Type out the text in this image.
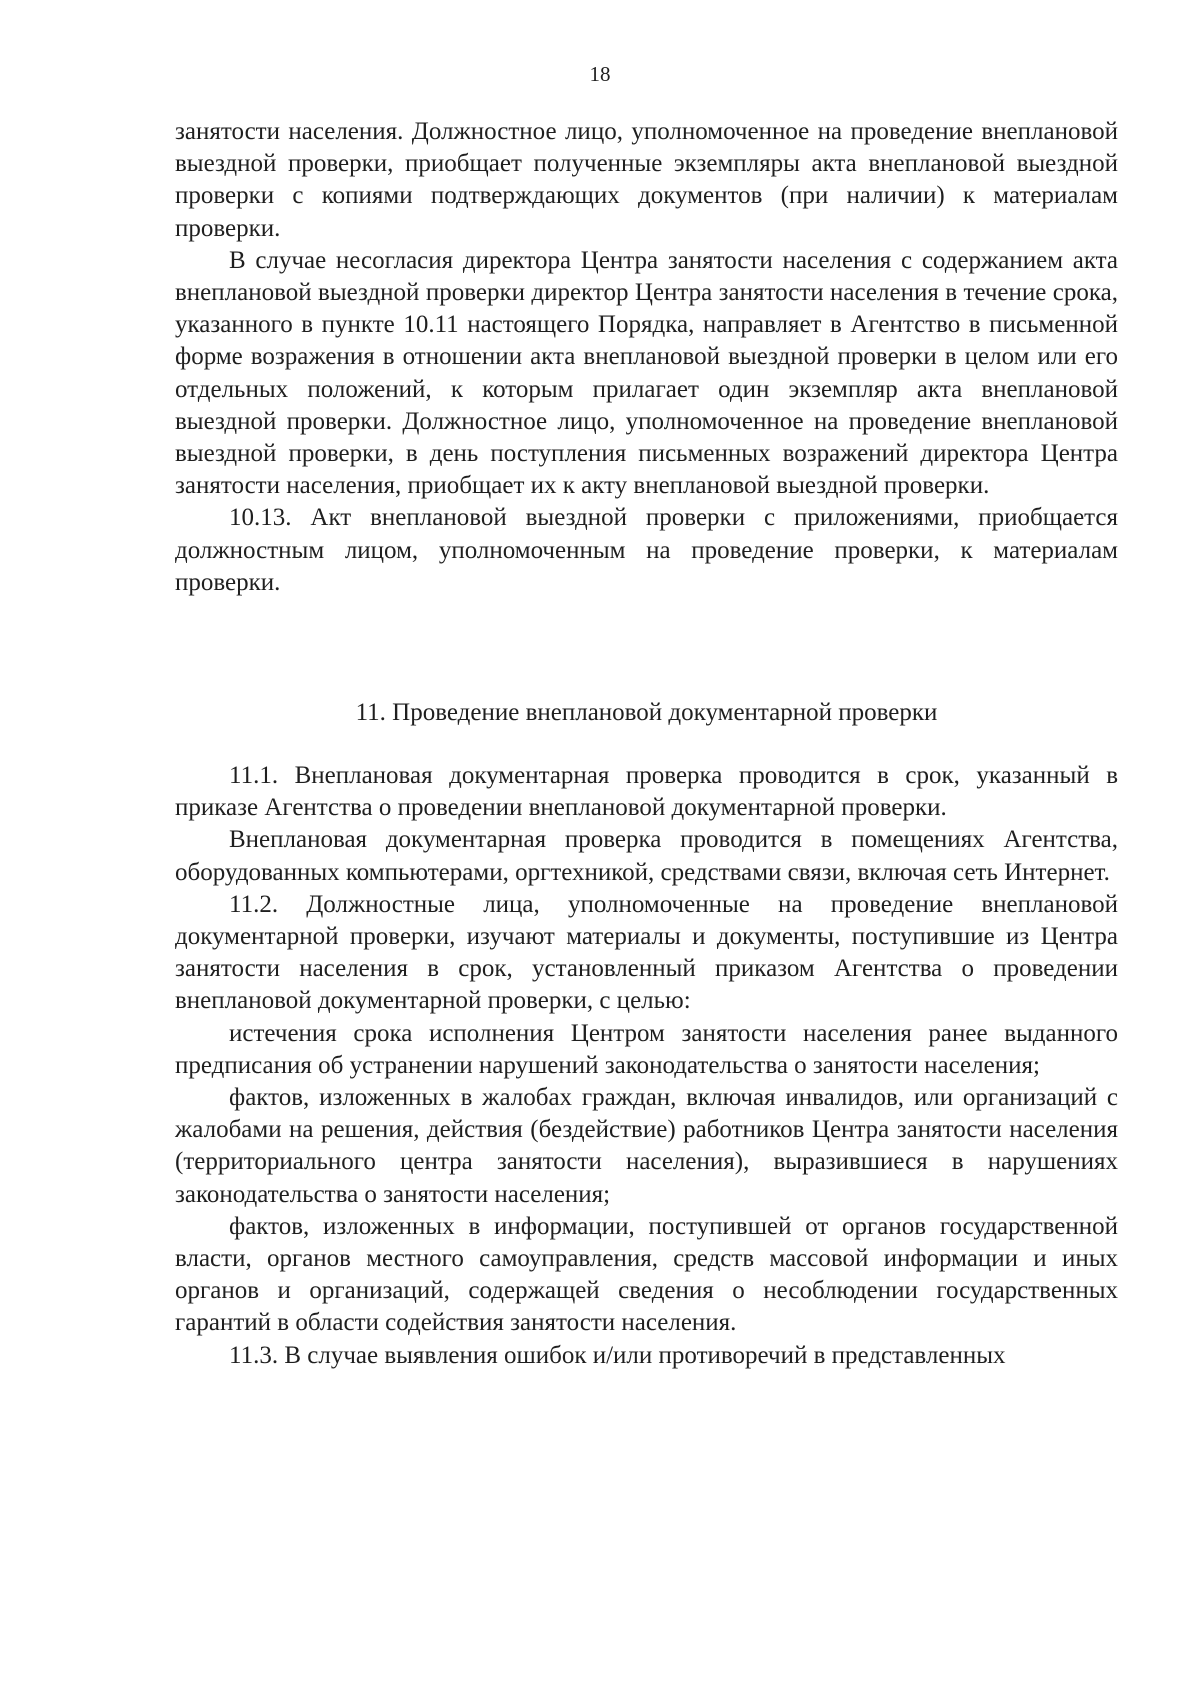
18

занятости населения. Должностное лицо, уполномоченное на проведение внеплановой выездной проверки, приобщает полученные экземпляры акта внеплановой выездной проверки с копиями подтверждающих документов (при наличии) к материалам проверки.

В случае несогласия директора Центра занятости населения с содержанием акта внеплановой выездной проверки директор Центра занятости населения в течение срока, указанного в пункте 10.11 настоящего Порядка, направляет в Агентство в письменной форме возражения в отношении акта внеплановой выездной проверки в целом или его отдельных положений, к которым прилагает один экземпляр акта внеплановой выездной проверки. Должностное лицо, уполномоченное на проведение внеплановой выездной проверки, в день поступления письменных возражений директора Центра занятости населения, приобщает их к акту внеплановой выездной проверки.

10.13. Акт внеплановой выездной проверки с приложениями, приобщается должностным лицом, уполномоченным на проведение проверки, к материалам проверки.

11. Проведение внеплановой документарной проверки

11.1. Внеплановая документарная проверка проводится в срок, указанный в приказе Агентства о проведении внеплановой документарной проверки.

Внеплановая документарная проверка проводится в помещениях Агентства, оборудованных компьютерами, оргтехникой, средствами связи, включая сеть Интернет.

11.2. Должностные лица, уполномоченные на проведение внеплановой документарной проверки, изучают материалы и документы, поступившие из Центра занятости населения в срок, установленный приказом Агентства о проведении внеплановой документарной проверки, с целью:

истечения срока исполнения Центром занятости населения ранее выданного предписания об устранении нарушений законодательства о занятости населения;

фактов, изложенных в жалобах граждан, включая инвалидов, или организаций с жалобами на решения, действия (бездействие) работников Центра занятости населения (территориального центра занятости населения), выразившиеся в нарушениях законодательства о занятости населения;

фактов, изложенных в информации, поступившей от органов государственной власти, органов местного самоуправления, средств массовой информации и иных органов и организаций, содержащей сведения о несоблюдении государственных гарантий в области содействия занятости населения.

11.3. В случае выявления ошибок и/или противоречий в представленных
